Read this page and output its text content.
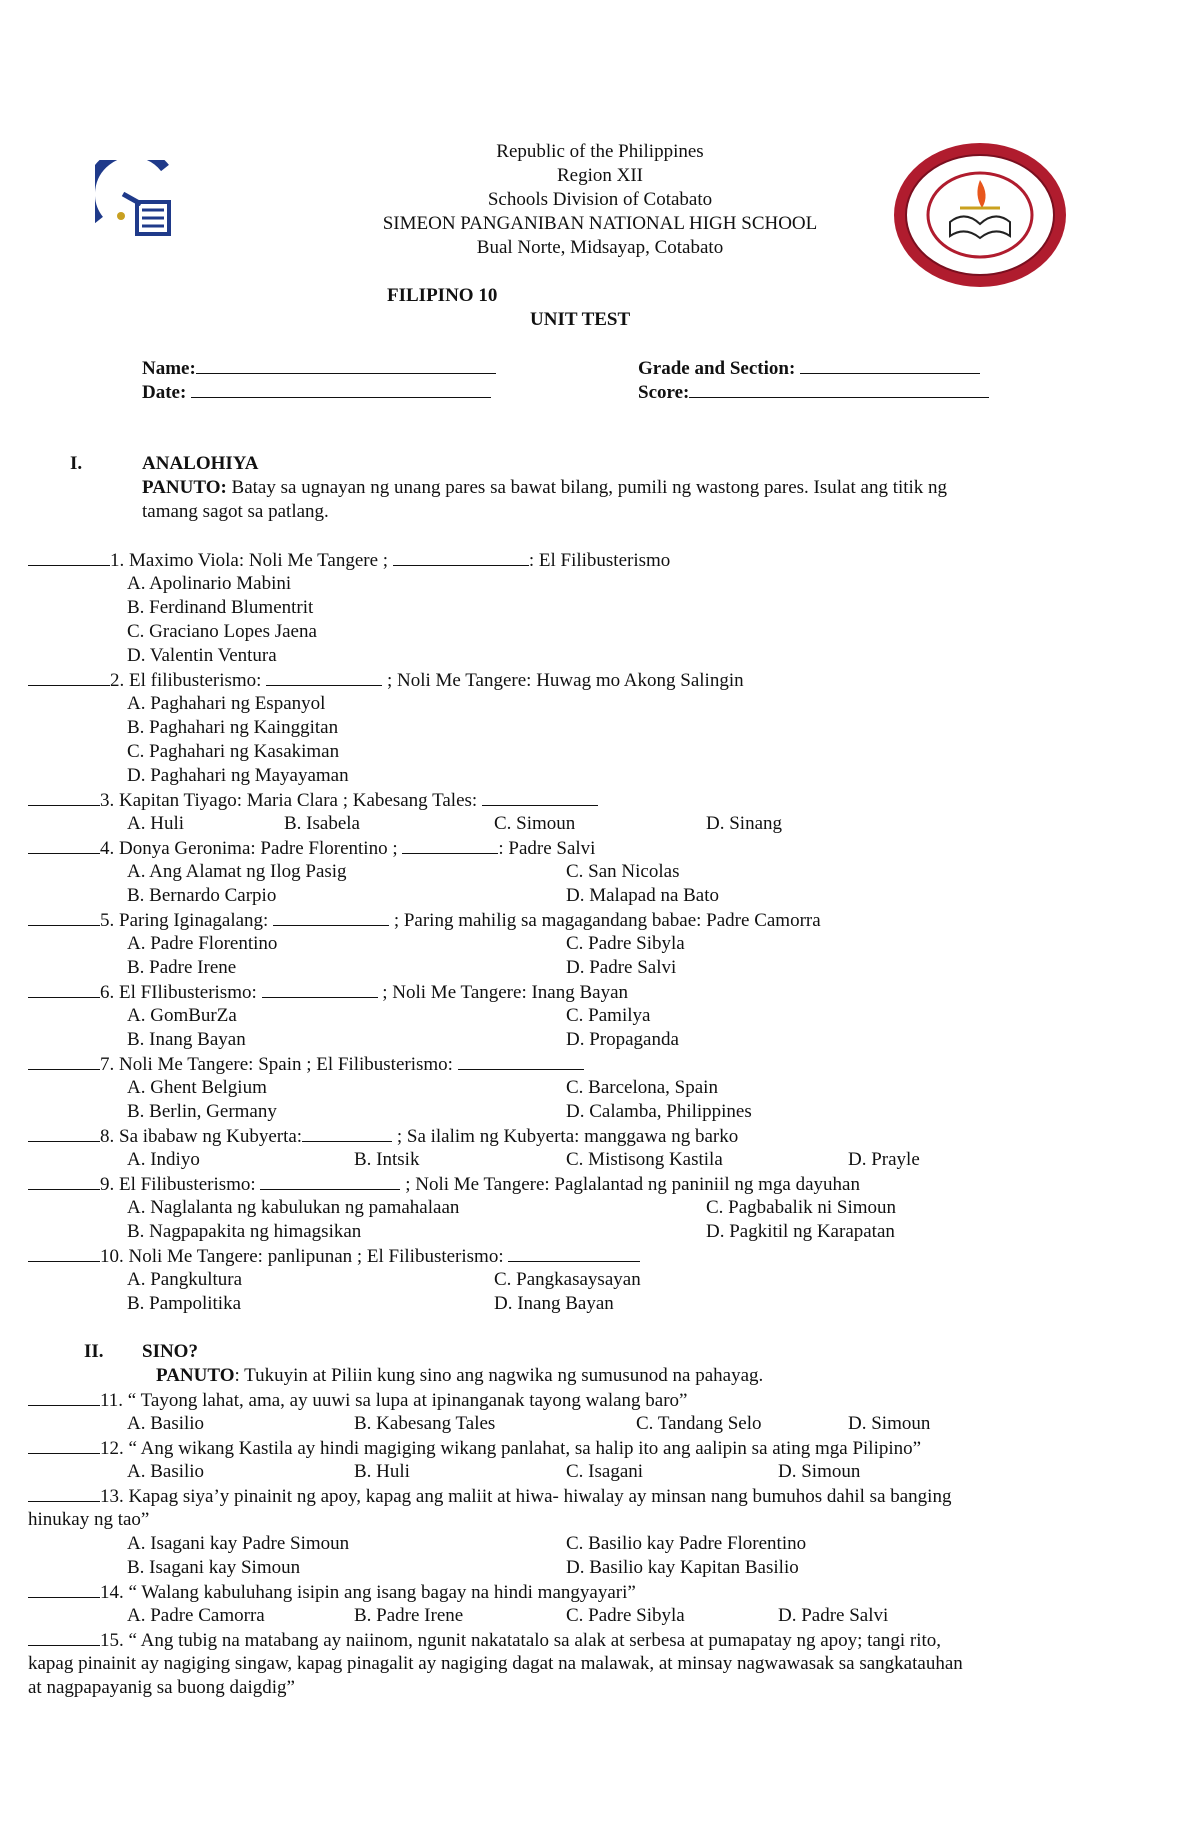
Republic of the Philippines
Region XII
Schools Division of Cotabato
SIMEON PANGANIBAN NATIONAL HIGH SCHOOL
Bual Norte, Midsayap, Cotabato
FILIPINO 10
UNIT TEST
Name:	Grade and Section:
Date:	Score:
I.	ANALOHIYA
PANUTO: Batay sa ugnayan ng unang pares sa bawat bilang, pumili ng wastong pares. Isulat ang titik ng
tamang sagot sa patlang.
1. Maximo Viola: Noli Me Tangere ;	: El Filibusterismo
A. Apolinario Mabini
B. Ferdinand Blumentrit
C. Graciano Lopes Jaena
D. Valentin Ventura
2. El filibusterismo:	; Noli Me Tangere: Huwag mo Akong Salingin
A. Paghahari ng Espanyol
B. Paghahari ng Kainggitan
C. Paghahari ng Kasakiman
D. Paghahari ng Mayayaman
3. Kapitan Tiyago: Maria Clara ; Kabesang Tales:
A. Huli	B. Isabela	C. Simoun	D. Sinang
4. Donya Geronima: Padre Florentino ;	: Padre Salvi
A. Ang Alamat ng Ilog Pasig	C. San Nicolas
B. Bernardo Carpio	D. Malapad na Bato
5. Paring Iginagalang:	; Paring mahilig sa magagandang babae: Padre Camorra
A. Padre Florentino	C. Padre Sibyla
B. Padre Irene	D. Padre Salvi
6. El FIlibusterismo:	; Noli Me Tangere: Inang Bayan
A. GomBurZa	C. Pamilya
B. Inang Bayan	D. Propaganda
7. Noli Me Tangere: Spain ; El Filibusterismo:
A. Ghent Belgium	C. Barcelona, Spain
B. Berlin, Germany	D. Calamba, Philippines
8. Sa ibabaw ng Kubyerta:	; Sa ilalim ng Kubyerta: manggawa ng barko
A. Indiyo	B. Intsik	C. Mistisong Kastila	D. Prayle
9. El Filibusterismo:	; Noli Me Tangere: Paglalantad ng paniniil ng mga dayuhan
A. Naglalanta ng kabulukan ng pamahalaan	C. Pagbabalik ni Simoun
B. Nagpapakita ng himagsikan	D. Pagkitil ng Karapatan
10. Noli Me Tangere: panlipunan ; El Filibusterismo:
A. Pangkultura	C. Pangkasaysayan
B. Pampolitika	D. Inang Bayan
II. SINO?
PANUTO: Tukuyin at Piliin kung sino ang nagwika ng sumusunod na pahayag.
11. “ Tayong lahat, ama, ay uuwi sa lupa at ipinanganak tayong walang baro”
A. Basilio	B. Kabesang Tales	C. Tandang Selo	D. Simoun
12. “ Ang wikang Kastila ay hindi magiging wikang panlahat, sa halip ito ang aalipin sa ating mga Pilipino”
A. Basilio	B. Huli	C. Isagani	D. Simoun
13. Kapag siya’y pinainit ng apoy, kapag ang maliit at hiwa- hiwalay ay minsan nang bumuhos dahil sa banging
hinukay ng tao”
A. Isagani kay Padre Simoun	C. Basilio kay Padre Florentino
B. Isagani kay Simoun	D. Basilio kay Kapitan Basilio
14. “ Walang kabuluhang isipin ang isang bagay na hindi mangyayari”
A. Padre Camorra	B. Padre Irene	C. Padre Sibyla	D. Padre Salvi
15. “ Ang tubig na matabang ay naiinom, ngunit nakatatalo sa alak at serbesa at pumapatay ng apoy; tangi rito,
kapag pinainit ay nagiging singaw, kapag pinagalit ay nagiging dagat na malawak, at minsay nagwawasak sa sangkatauhan
at nagpapayanig sa buong daigdig”
